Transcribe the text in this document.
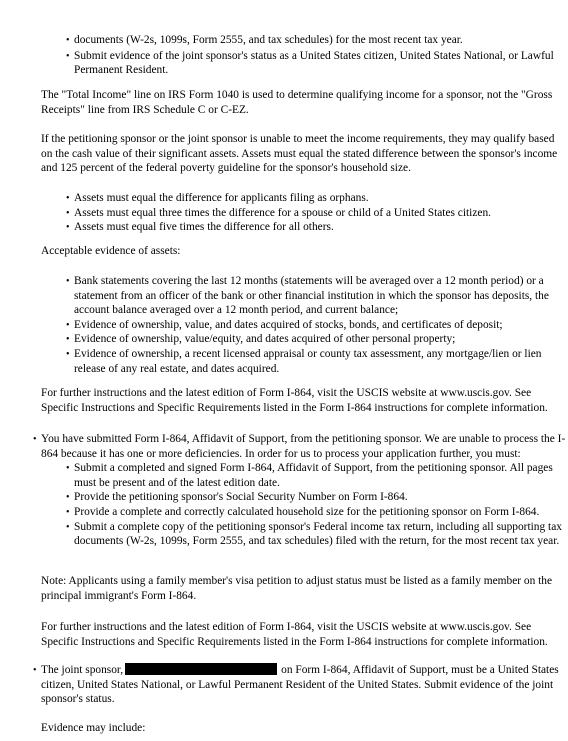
• documents (W-2s, 1099s, Form 2555, and tax schedules) for the most recent tax year.
• Submit evidence of the joint sponsor's status as a United States citizen, United States National, or Lawful Permanent Resident.

The "Total Income" line on IRS Form 1040 is used to determine qualifying income for a sponsor, not the "Gross Receipts" line from IRS Schedule C or C-EZ.

If the petitioning sponsor or the joint sponsor is unable to meet the income requirements, they may qualify based on the cash value of their significant assets. Assets must equal the stated difference between the sponsor's income and 125 percent of the federal poverty guideline for the sponsor's household size.

• Assets must equal the difference for applicants filing as orphans.
• Assets must equal three times the difference for a spouse or child of a United States citizen.
• Assets must equal five times the difference for all others.

Acceptable evidence of assets:

• Bank statements covering the last 12 months (statements will be averaged over a 12 month period) or a statement from an officer of the bank or other financial institution in which the sponsor has deposits, the account balance averaged over a 12 month period, and current balance;
• Evidence of ownership, value, and dates acquired of stocks, bonds, and certificates of deposit;
• Evidence of ownership, value/equity, and dates acquired of other personal property;
• Evidence of ownership, a recent licensed appraisal or county tax assessment, any mortgage/lien or lien release of any real estate, and dates acquired.

For further instructions and the latest edition of Form I-864, visit the USCIS website at www.uscis.gov. See Specific Instructions and Specific Requirements listed in the Form I-864 instructions for complete information.

• You have submitted Form I-864, Affidavit of Support, from the petitioning sponsor. We are unable to process the I-864 because it has one or more deficiencies. In order for us to process your application further, you must:
• Submit a completed and signed Form I-864, Affidavit of Support, from the petitioning sponsor. All pages must be present and of the latest edition date.
• Provide the petitioning sponsor's Social Security Number on Form I-864.
• Provide a complete and correctly calculated household size for the petitioning sponsor on Form I-864.
• Submit a complete copy of the petitioning sponsor's Federal income tax return, including all supporting tax documents (W-2s, 1099s, Form 2555, and tax schedules) filed with the return, for the most recent tax year.

Note: Applicants using a family member's visa petition to adjust status must be listed as a family member on the principal immigrant's Form I-864.

For further instructions and the latest edition of Form I-864, visit the USCIS website at www.uscis.gov. See Specific Instructions and Specific Requirements listed in the Form I-864 instructions for complete information.

• The joint sponsor,	on Form I-864, Affidavit of Support, must be a United States citizen, United States National, or Lawful Permanent Resident of the United States. Submit evidence of the joint sponsor's status.

Evidence may include:
